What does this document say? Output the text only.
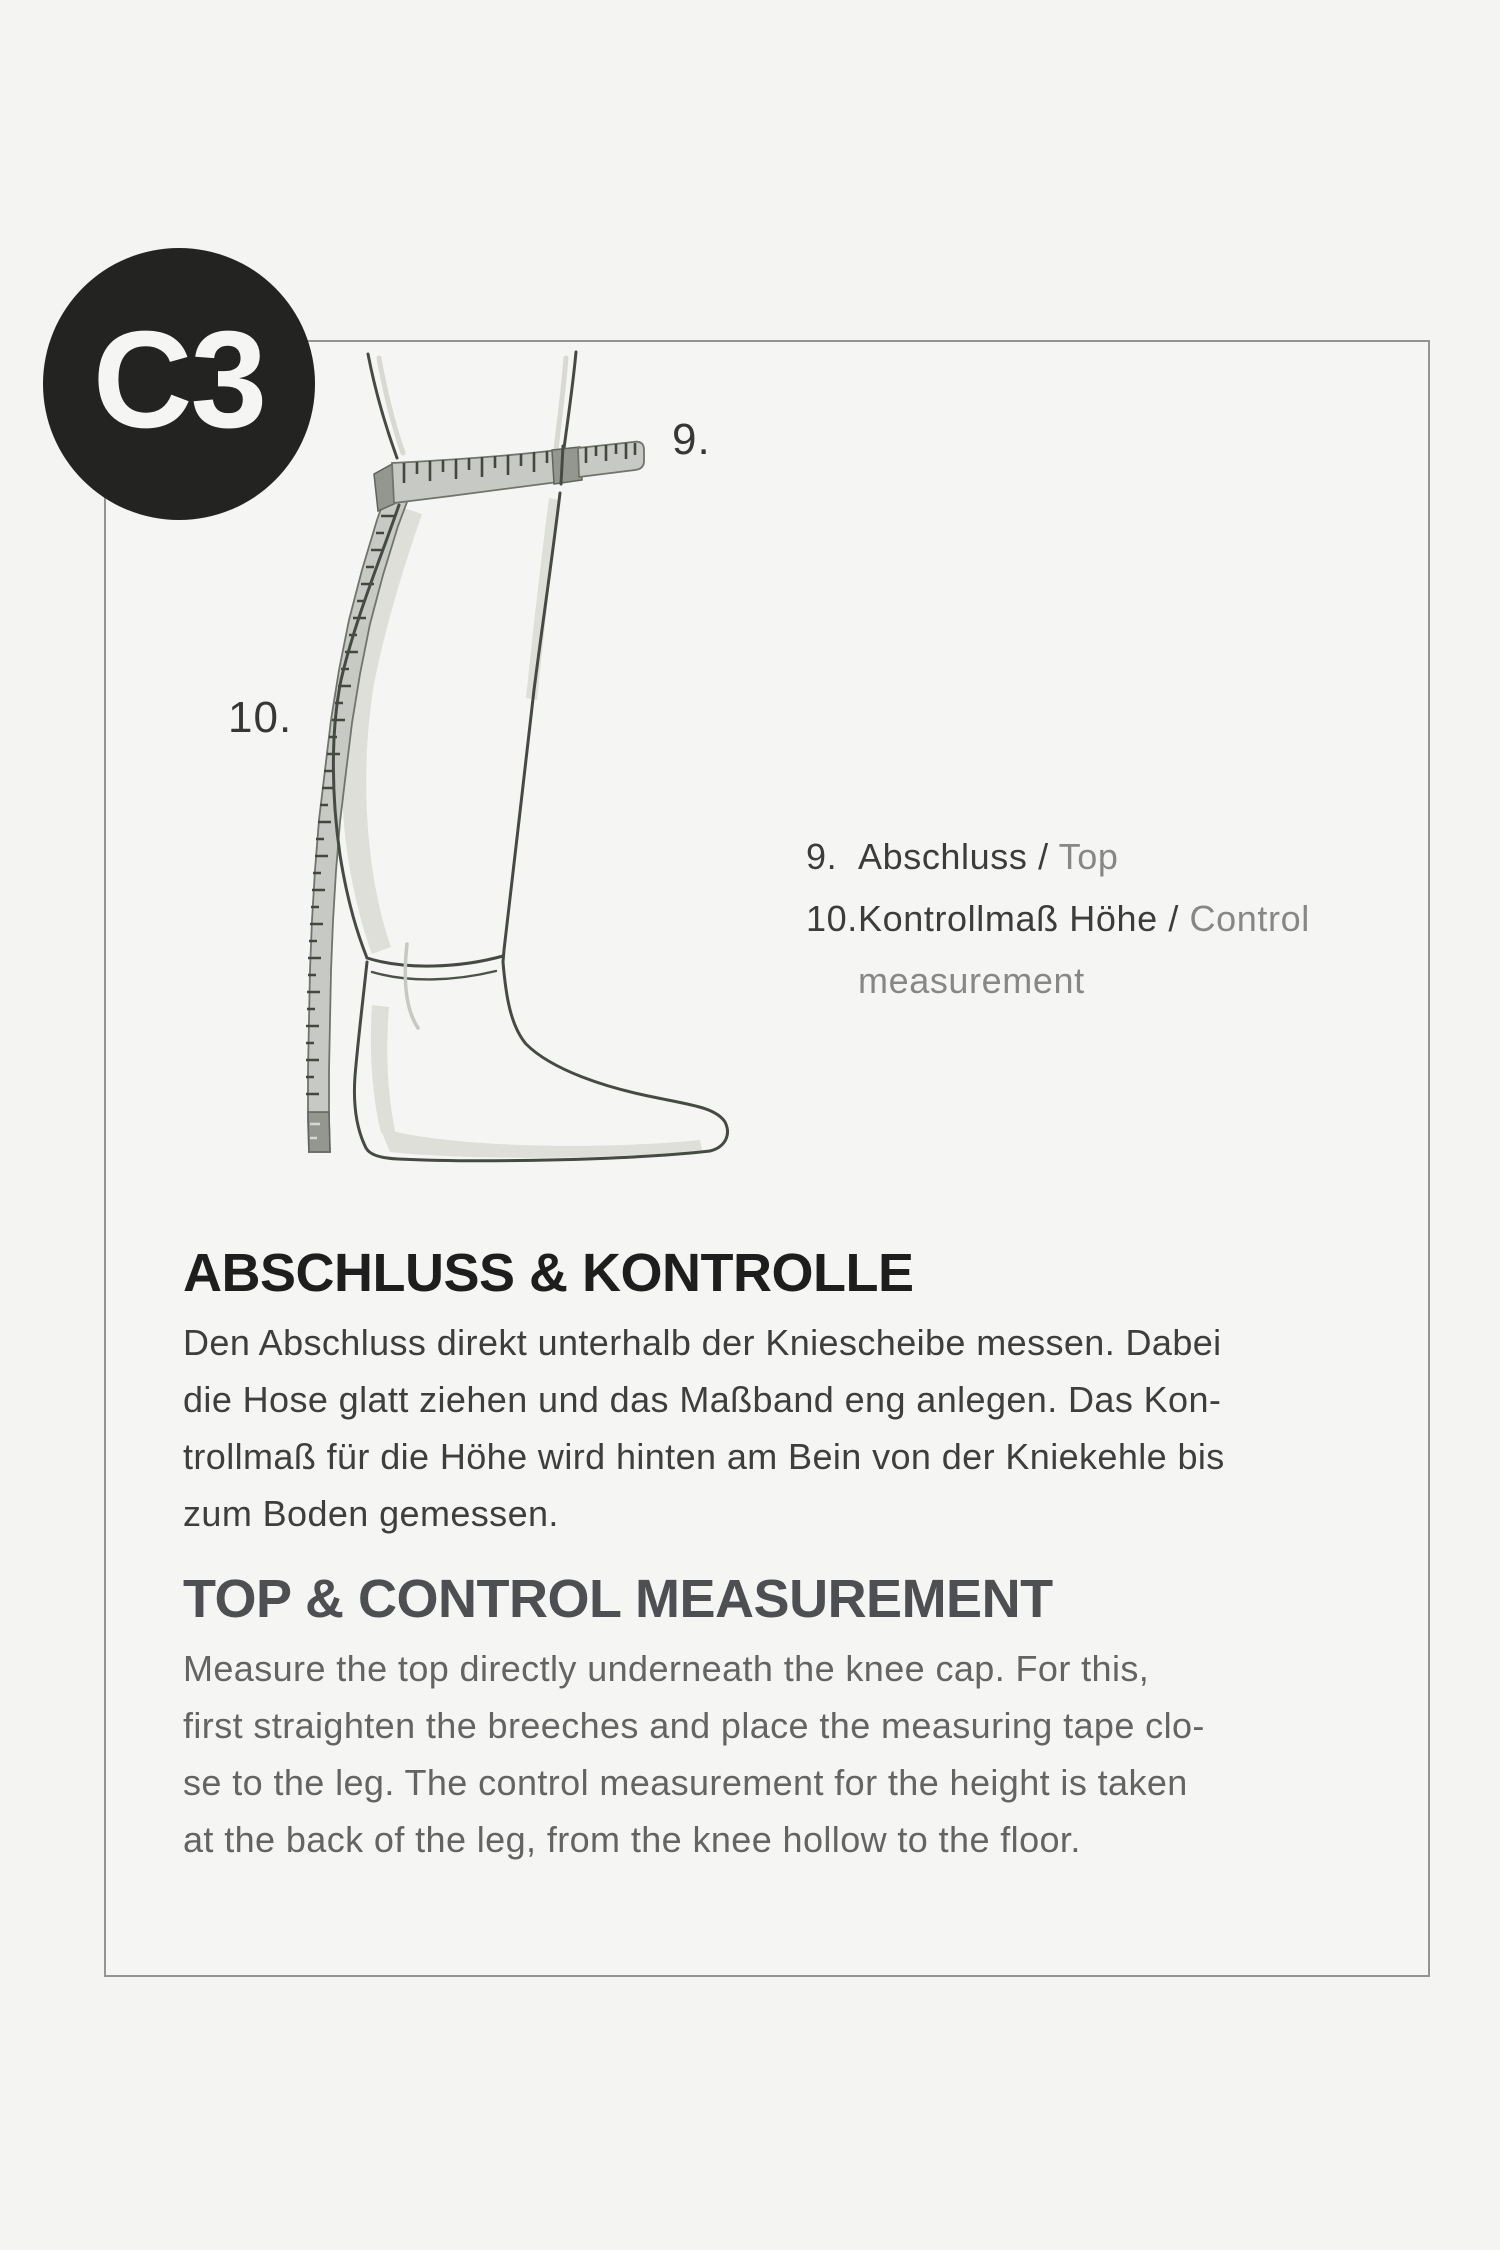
C3	9.
10.
9. Abschluss / Top
10.Kontrollmaß Höhe / Control
measurement
ABSCHLUSS & KONTROLLE
Den Abschluss direkt unterhalb der Kniescheibe messen. Dabei
die Hose glatt ziehen und das Maßband eng anlegen. Das Kon-
trollmaß für die Höhe wird hinten am Bein von der Kniekehle bis
zum Boden gemessen.
TOP & CONTROL MEASUREMENT
Measure the top directly underneath the knee cap. For this,
first straighten the breeches and place the measuring tape clo-
se to the leg. The control measurement for the height is taken
at the back of the leg, from the knee hollow to the floor.
